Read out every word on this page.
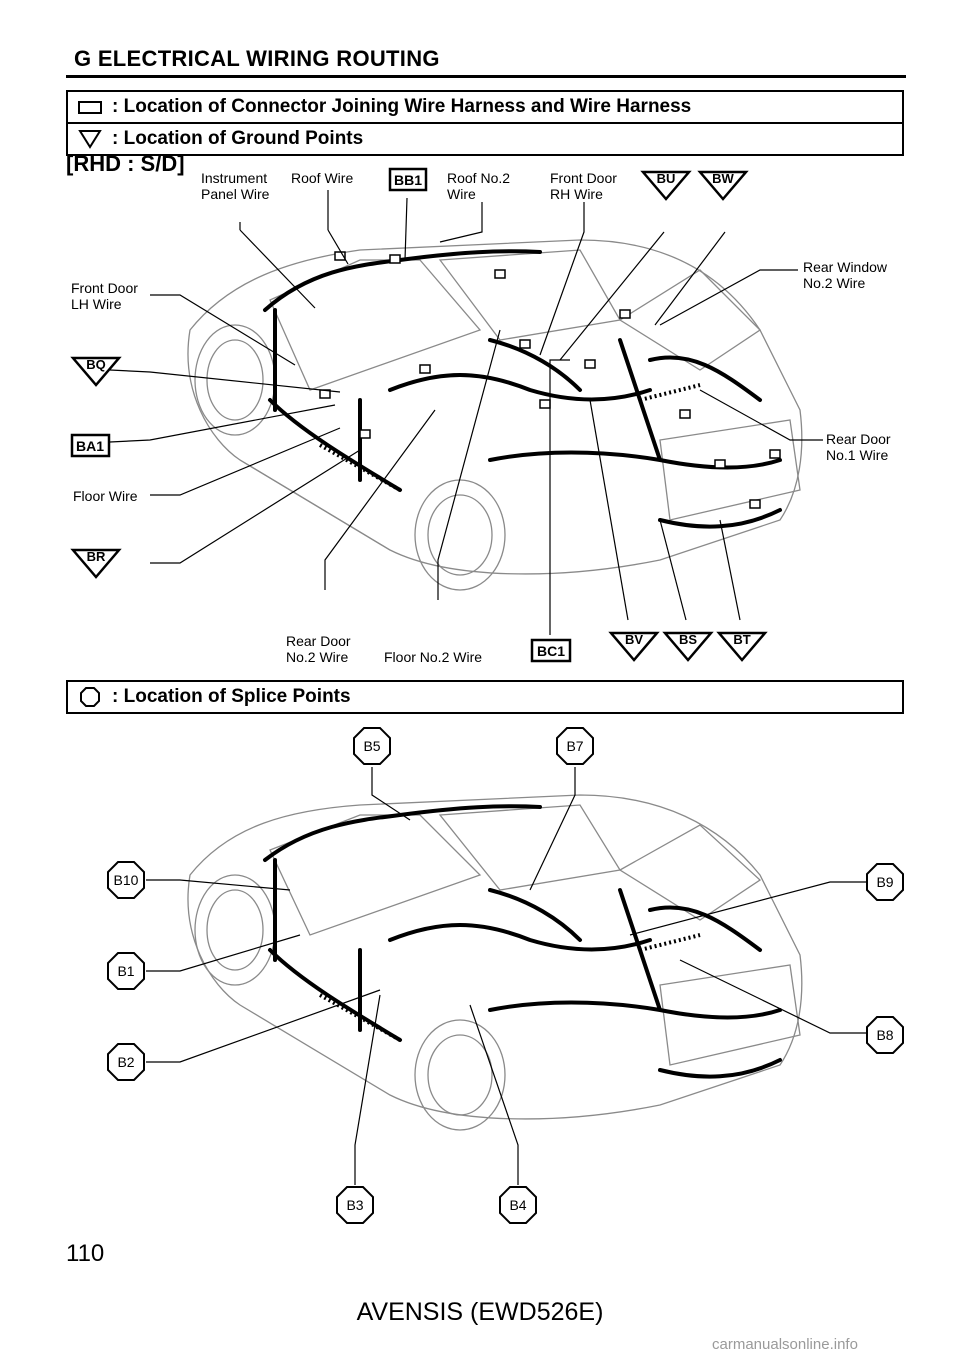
G ELECTRICAL WIRING ROUTING
: Location of Connector Joining Wire Harness and Wire Harness
: Location of Ground Points
[RHD : S/D]
Instrument
Panel Wire
Roof Wire	Roof No.2
Wire
Front Door
RH Wire
Rear Window
No.2 Wire
Front Door
LH Wire
Rear Door
No.1 Wire
Floor Wire
Rear Door
No.2 Wire	Floor No.2 Wire
BB1
BA1
BC1
BU	BW
BQ
BR
BV	BS	BT
: Location of Splice Points
B5	B7
B10	B9
B1
B8
B2
B3	B4
110
AVENSIS (EWD526E)
carmanualsonline.info
